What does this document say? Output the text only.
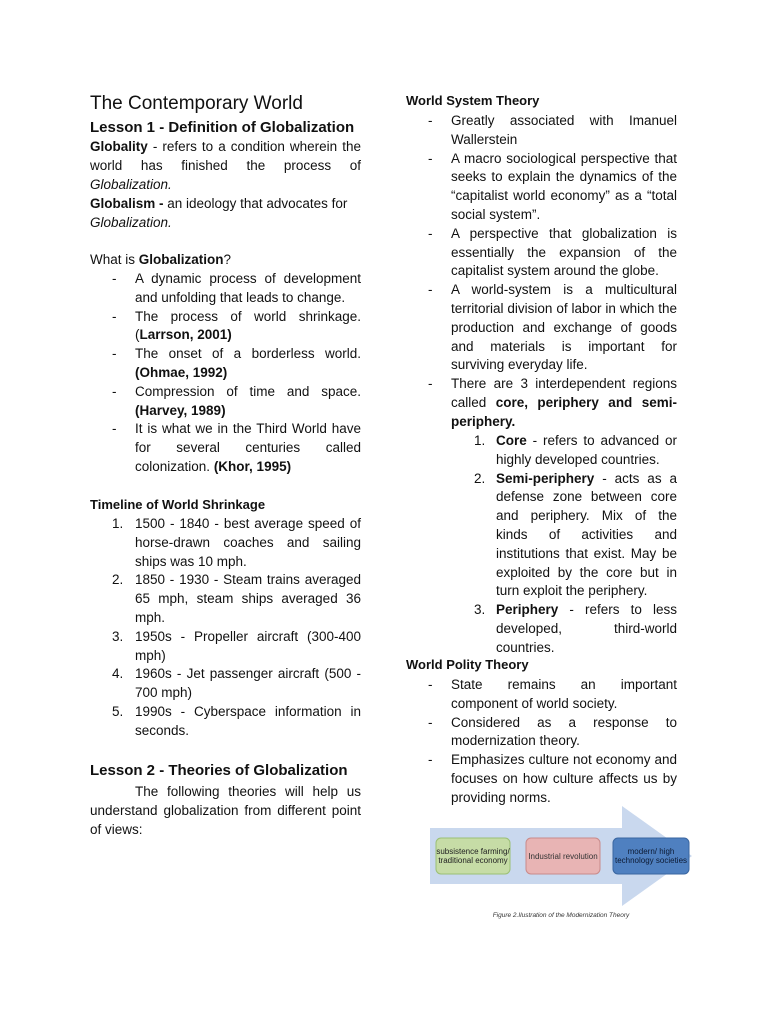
The Contemporary World
Lesson 1 - Definition of Globalization

Globality - refers to a condition wherein the world has finished the process of Globalization.

Globalism - an ideology that advocates for Globalization.

What is Globalization?

- A dynamic process of development and unfolding that leads to change.
- The process of world shrinkage. (Larrson, 2001)
- The onset of a borderless world. (Ohmae, 1992)
- Compression of time and space. (Harvey, 1989)
- It is what we in the Third World have for several centuries called colonization. (Khor, 1995)
Timeline of World Shrinkage
1. 1500 - 1840 - best average speed of horse-drawn coaches and sailing ships was 10 mph.
2. 1850 - 1930 - Steam trains averaged 65 mph, steam ships averaged 36 mph.
3. 1950s - Propeller aircraft (300-400 mph)
4. 1960s - Jet passenger aircraft (500 - 700 mph)
5. 1990s - Cyberspace information in seconds.
Lesson 2 - Theories of Globalization

The following theories will help us understand globalization from different point of views:

World System Theory
- Greatly associated with Imanuel Wallerstein
- A macro sociological perspective that seeks to explain the dynamics of the “capitalist world economy” as a “total social system”.
- A perspective that globalization is essentially the expansion of the capitalist system around the globe.
- A world-system is a multicultural territorial division of labor in which the production and exchange of goods and materials is important for surviving everyday life.
- There are 3 interdependent regions called core, periphery and semi-periphery.
1. Core - refers to advanced or highly developed countries.
2. Semi-periphery - acts as a defense zone between core and periphery. Mix of the kinds of activities and institutions that exist. May be exploited by the core but in turn exploit the periphery.
3. Periphery - refers to less developed, third-world countries.
World Polity Theory
- State remains an important component of world society.
- Considered as a response to modernization theory.
- Emphasizes culture not economy and focuses on how culture affects us by providing norms.
subsistence farming/ traditional economy	Industrial revolution	modern/ high technology societies
Figure 2.Ilustration of the Modernization Theory
